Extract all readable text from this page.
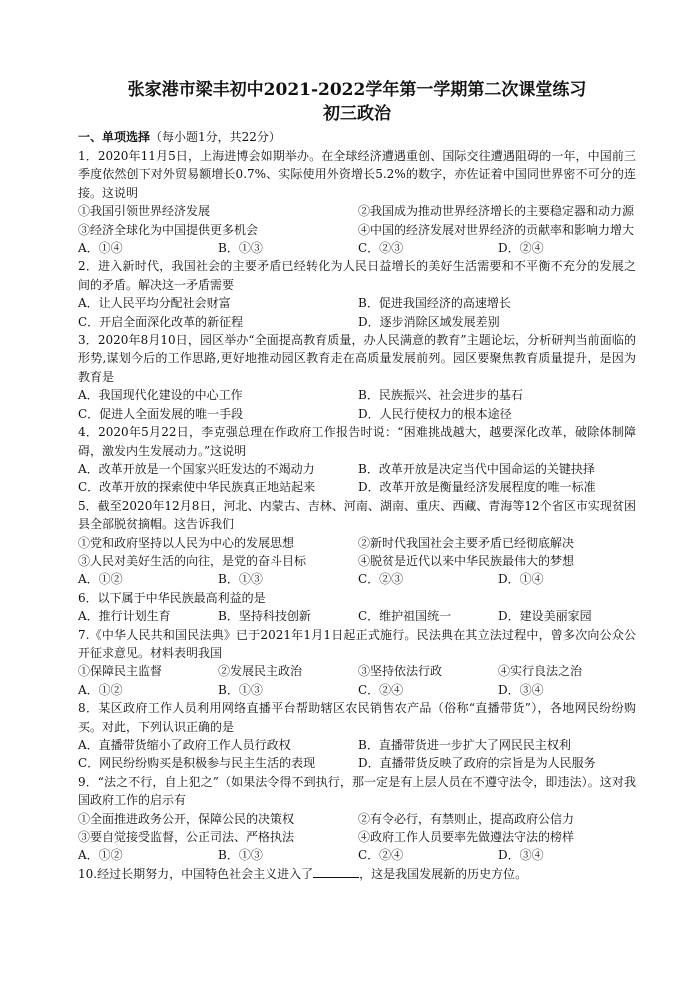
张家港市梁丰初中2021-2022学年第一学期第二次课堂练习
初三政治
一、单项选择（每小题1分，共22分）

1．2020年11月5日，上海进博会如期举办。在全球经济遭遇重创、国际交往遭遇阻碍的一年，中国前三季度依然创下对外贸易额增长0.7%、实际使用外资增长5.2%的数字，亦佐证着中国同世界密不可分的连接。这说明

①我国引领世界经济发展	②我国成为推动世界经济增长的主要稳定器和动力源
③经济全球化为中国提供更多机会	④中国的经济发展对世界经济的贡献率和影响力增大
A．①④	B．①③	C．②③	D．②④

2．进入新时代，我国社会的主要矛盾已经转化为人民日益增长的美好生活需要和不平衡不充分的发展之间的矛盾。解决这一矛盾需要

A．让人民平均分配社会财富	B．促进我国经济的高速增长
C．开启全面深化改革的新征程	D．逐步消除区域发展差别

3．2020年8月10日，园区举办“全面提高教育质量，办人民满意的教育”主题论坛，分析研判当前面临的形势,谋划今后的工作思路,更好地推动园区教育走在高质量发展前列。园区要聚焦教育质量提升，是因为教育是

A．我国现代化建设的中心工作	B．民族振兴、社会进步的基石
C．促进人全面发展的唯一手段	D．人民行使权力的根本途径

4．2020年5月22日，李克强总理在作政府工作报告时说：“困难挑战越大，越要深化改革，破除体制障碍，激发内生发展动力。”这说明

A．改革开放是一个国家兴旺发达的不竭动力	B．改革开放是决定当代中国命运的关键抉择
C．改革开放的探索使中华民族真正地站起来	D．改革开放是衡量经济发展程度的唯一标准

5．截至2020年12月8日，河北、内蒙古、吉林、河南、湖南、重庆、西藏、青海等12个省区市实现贫困县全部脱贫摘帽。这告诉我们

①党和政府坚持以人民为中心的发展思想	②新时代我国社会主要矛盾已经彻底解决
③人民对美好生活的向往，是党的奋斗目标	④脱贫是近代以来中华民族最伟大的梦想
A．①②	B．①③	C．②③	D．①④

6．以下属于中华民族最高利益的是

A．推行计划生育	B．坚持科技创新	C．维护祖国统一	D．建设美丽家园

7.《中华人民共和国民法典》已于2021年1月1日起正式施行。民法典在其立法过程中，曾多次向公众公开征求意见。材料表明我国

①保障民主监督	②发展民主政治	③坚持依法行政	④实行良法之治
A．①②	B．①③	C．②④	D．③④

8．某区政府工作人员利用网络直播平台帮助辖区农民销售农产品（俗称“直播带货”），各地网民纷纷购买。对此，下列认识正确的是

A．直播带货缩小了政府工作人员行政权	B．直播带货进一步扩大了网民民主权利
C．网民纷纷购买是积极参与民主生活的表现	D．直播带货反映了政府的宗旨是为人民服务

9．“法之不行，自上犯之”（如果法令得不到执行，那一定是有上层人员在不遵守法令，即违法）。这对我国政府工作的启示有

①全面推进政务公开，保障公民的决策权	②有令必行，有禁则止，提高政府公信力
③要自觉接受监督，公正司法、严格执法	④政府工作人员要率先做遵法守法的榜样
A．①②	B．①③	C．②④	D．③④

10.经过长期努力，中国特色社会主义进入了	，这是我国发展新的历史方位。
